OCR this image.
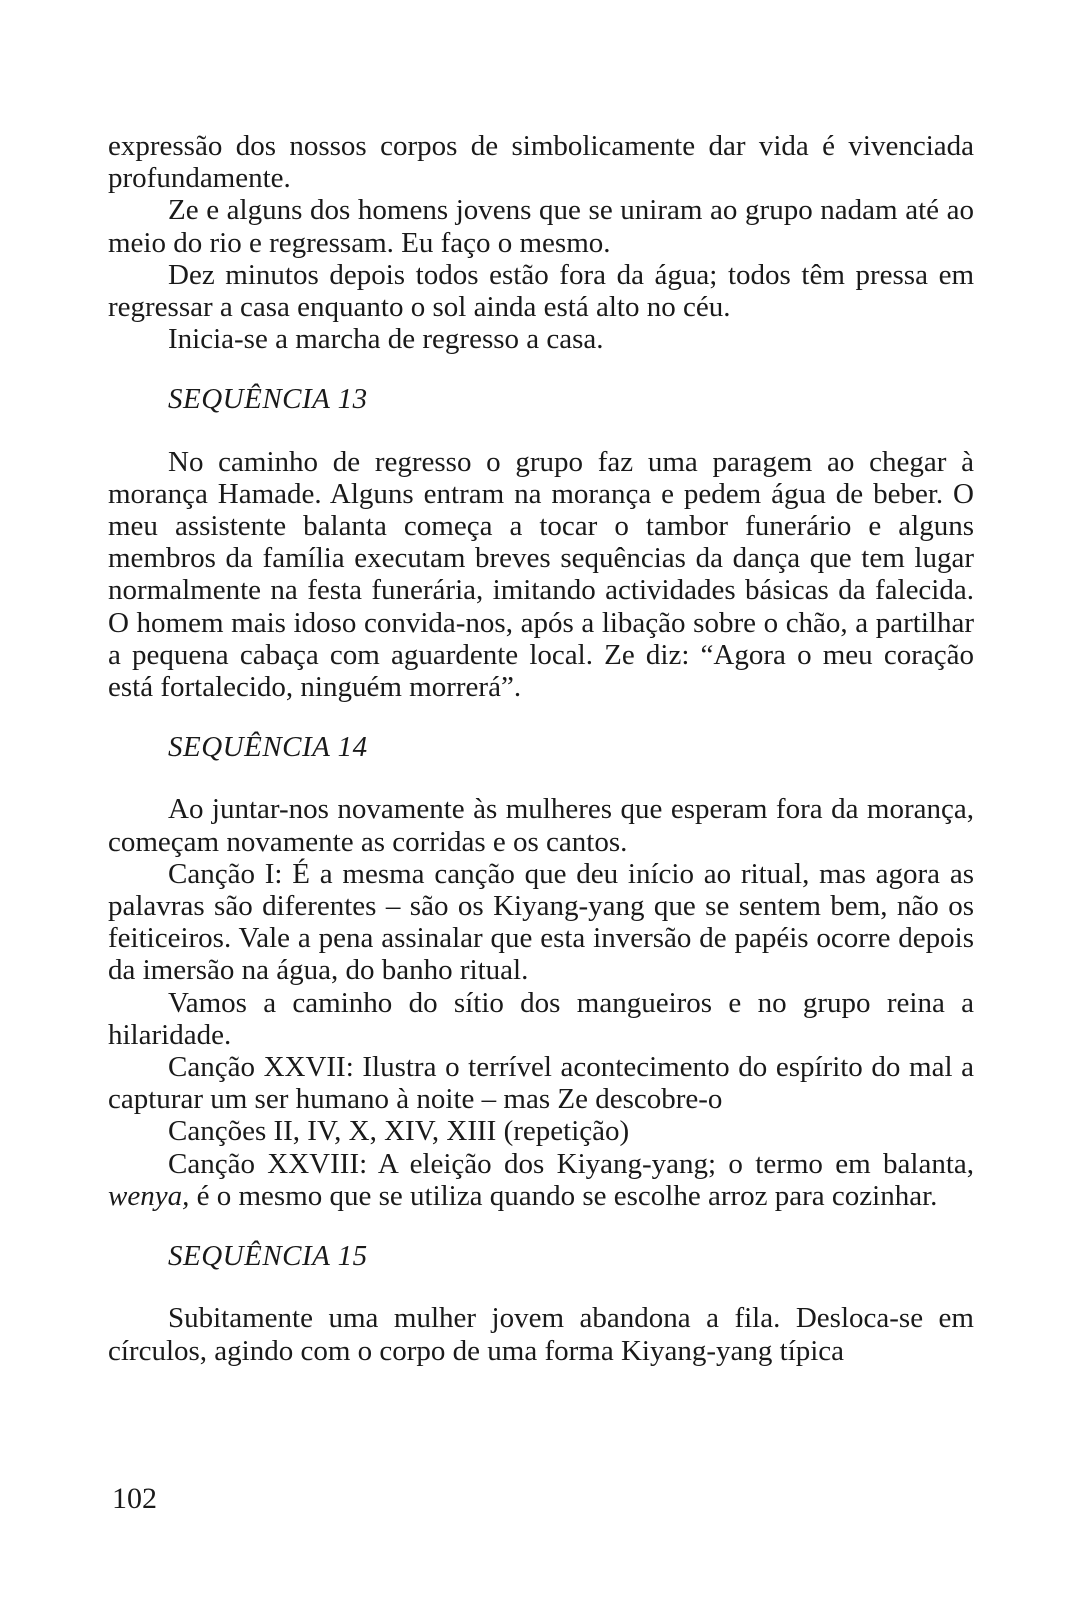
expressão dos nossos corpos de simbolicamente dar vida é vivenciada profundamente.

Ze e alguns dos homens jovens que se uniram ao grupo nadam até ao meio do rio e regressam. Eu faço o mesmo.

Dez minutos depois todos estão fora da água; todos têm pressa em regressar a casa enquanto o sol ainda está alto no céu.

Inicia-se a marcha de regresso a casa.

SEQUÊNCIA 13

No caminho de regresso o grupo faz uma paragem ao chegar à morança Hamade. Alguns entram na morança e pedem água de beber. O meu assistente balanta começa a tocar o tambor funerário e alguns membros da família executam breves sequências da dança que tem lugar normalmente na festa funerária, imitando actividades básicas da falecida. O homem mais idoso convida-nos, após a libação sobre o chão, a partilhar a pequena cabaça com aguardente local. Ze diz: “Agora o meu coração está fortalecido, ninguém morrerá”.

SEQUÊNCIA 14

Ao juntar-nos novamente às mulheres que esperam fora da morança, começam novamente as corridas e os cantos.

Canção I: É a mesma canção que deu início ao ritual, mas agora as palavras são diferentes – são os Kiyang-yang que se sentem bem, não os feiticeiros. Vale a pena assinalar que esta inversão de papéis ocorre depois da imersão na água, do banho ritual.

Vamos a caminho do sítio dos mangueiros e no grupo reina a hilaridade.

Canção XXVII: Ilustra o terrível acontecimento do espírito do mal a capturar um ser humano à noite – mas Ze descobre-o

Canções II, IV, X, XIV, XIII (repetição)

Canção XXVIII: A eleição dos Kiyang-yang; o termo em balanta, wenya, é o mesmo que se utiliza quando se escolhe arroz para cozinhar.

SEQUÊNCIA 15

Subitamente uma mulher jovem abandona a fila. Desloca-se em círculos, agindo com o corpo de uma forma Kiyang-yang típica

102
